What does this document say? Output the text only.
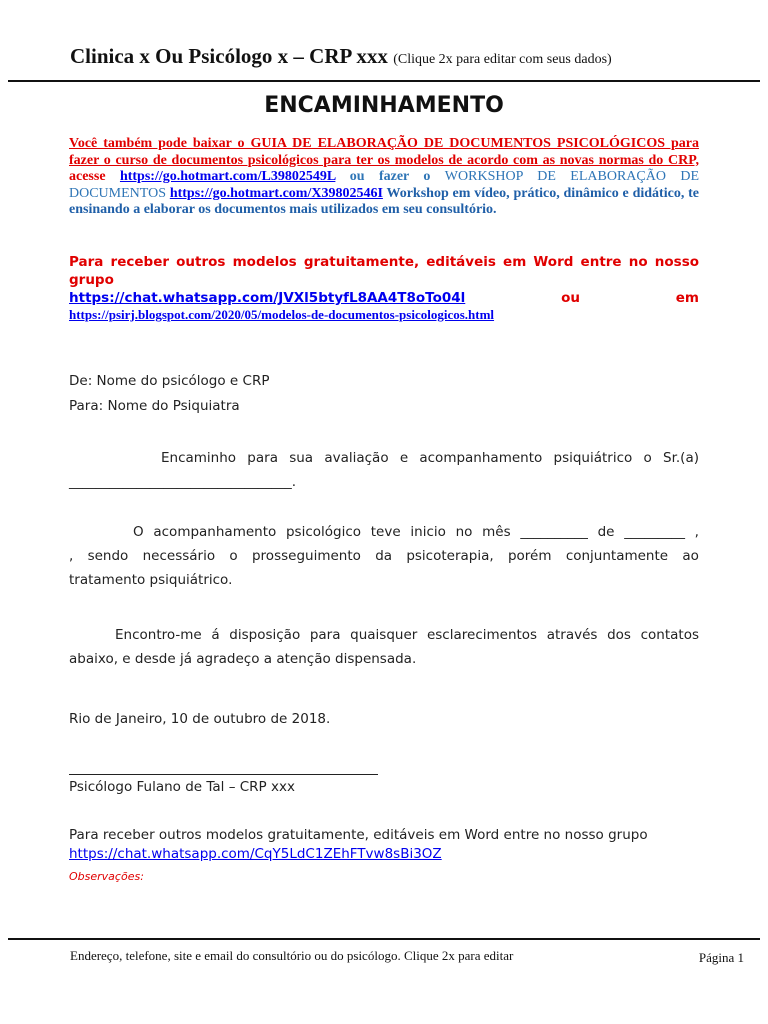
Clinica x Ou Psicólogo x – CRP xxx (Clique 2x para editar com seus dados)
ENCAMINHAMENTO
Você também pode baixar o GUIA DE ELABORAÇÃO DE DOCUMENTOS PSICOLÓGICOS para fazer o curso de documentos psicológicos para ter os modelos de acordo com as novas normas do CRP, acesse https://go.hotmart.com/L39802549L ou fazer o WORKSHOP DE ELABORAÇÃO DE DOCUMENTOS https://go.hotmart.com/X39802546I Workshop em vídeo, prático, dinâmico e didático, te ensinando a elaborar os documentos mais utilizados em seu consultório.
Para receber outros modelos gratuitamente, editáveis em Word entre no nosso grupo
https://chat.whatsapp.com/JVXl5btyfL8AA4T8oTo04l	ou	em
https://psirj.blogspot.com/2020/05/modelos-de-documentos-psicologicos.html
De: Nome do psicólogo e CRP
Para: Nome do Psiquiatra
Encaminho para sua avaliação e acompanhamento psiquiátrico o Sr.(a)
_________________________________.
O acompanhamento psicológico teve inicio no mês __________ de _________ ,
, sendo necessário o prosseguimento da psicoterapia, porém conjuntamente ao
tratamento psiquiátrico.
Encontro-me á disposição para quaisquer esclarecimentos através dos contatos
abaixo, e desde já agradeço a atenção dispensada.
Rio de Janeiro, 10 de outubro de 2018.
Psicólogo Fulano de Tal – CRP xxx
Para receber outros modelos gratuitamente, editáveis em Word entre no nosso grupo
https://chat.whatsapp.com/CqY5LdC1ZEhFTvw8sBi3OZ
Observações:
Endereço, telefone, site e email do consultório ou do psicólogo. Clique 2x para editar	Página 1
